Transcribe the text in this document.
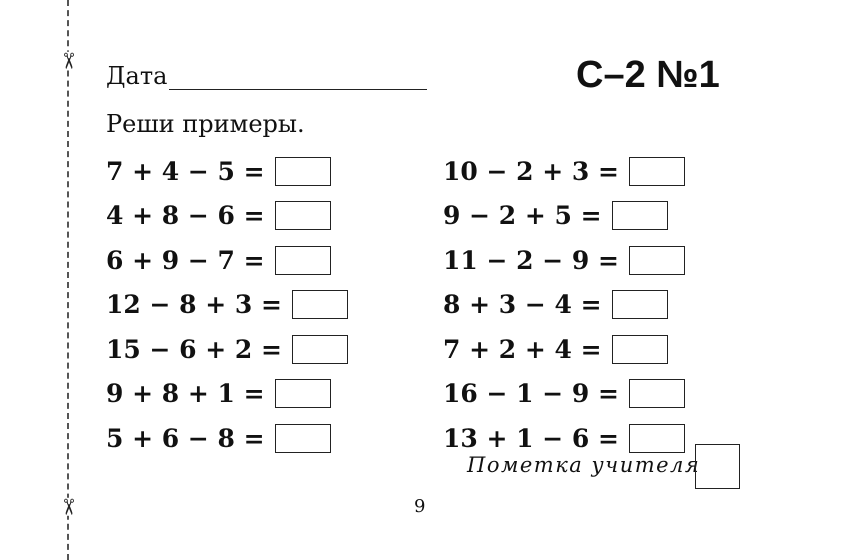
✂
✂
Дата	С–2 №1
Реши примеры.
7 + 4 − 5 =
4 + 8 − 6 =
6 + 9 − 7 =
12 − 8 + 3 =
15 − 6 + 2 =
9 + 8 + 1 =
5 + 6 − 8 =
10 − 2 + 3 =
9 − 2 + 5 =
11 − 2 − 9 =
8 + 3 − 4 =
7 + 2 + 4 =
16 − 1 − 9 =
13 + 1 − 6 =
Пометка учителя
9
